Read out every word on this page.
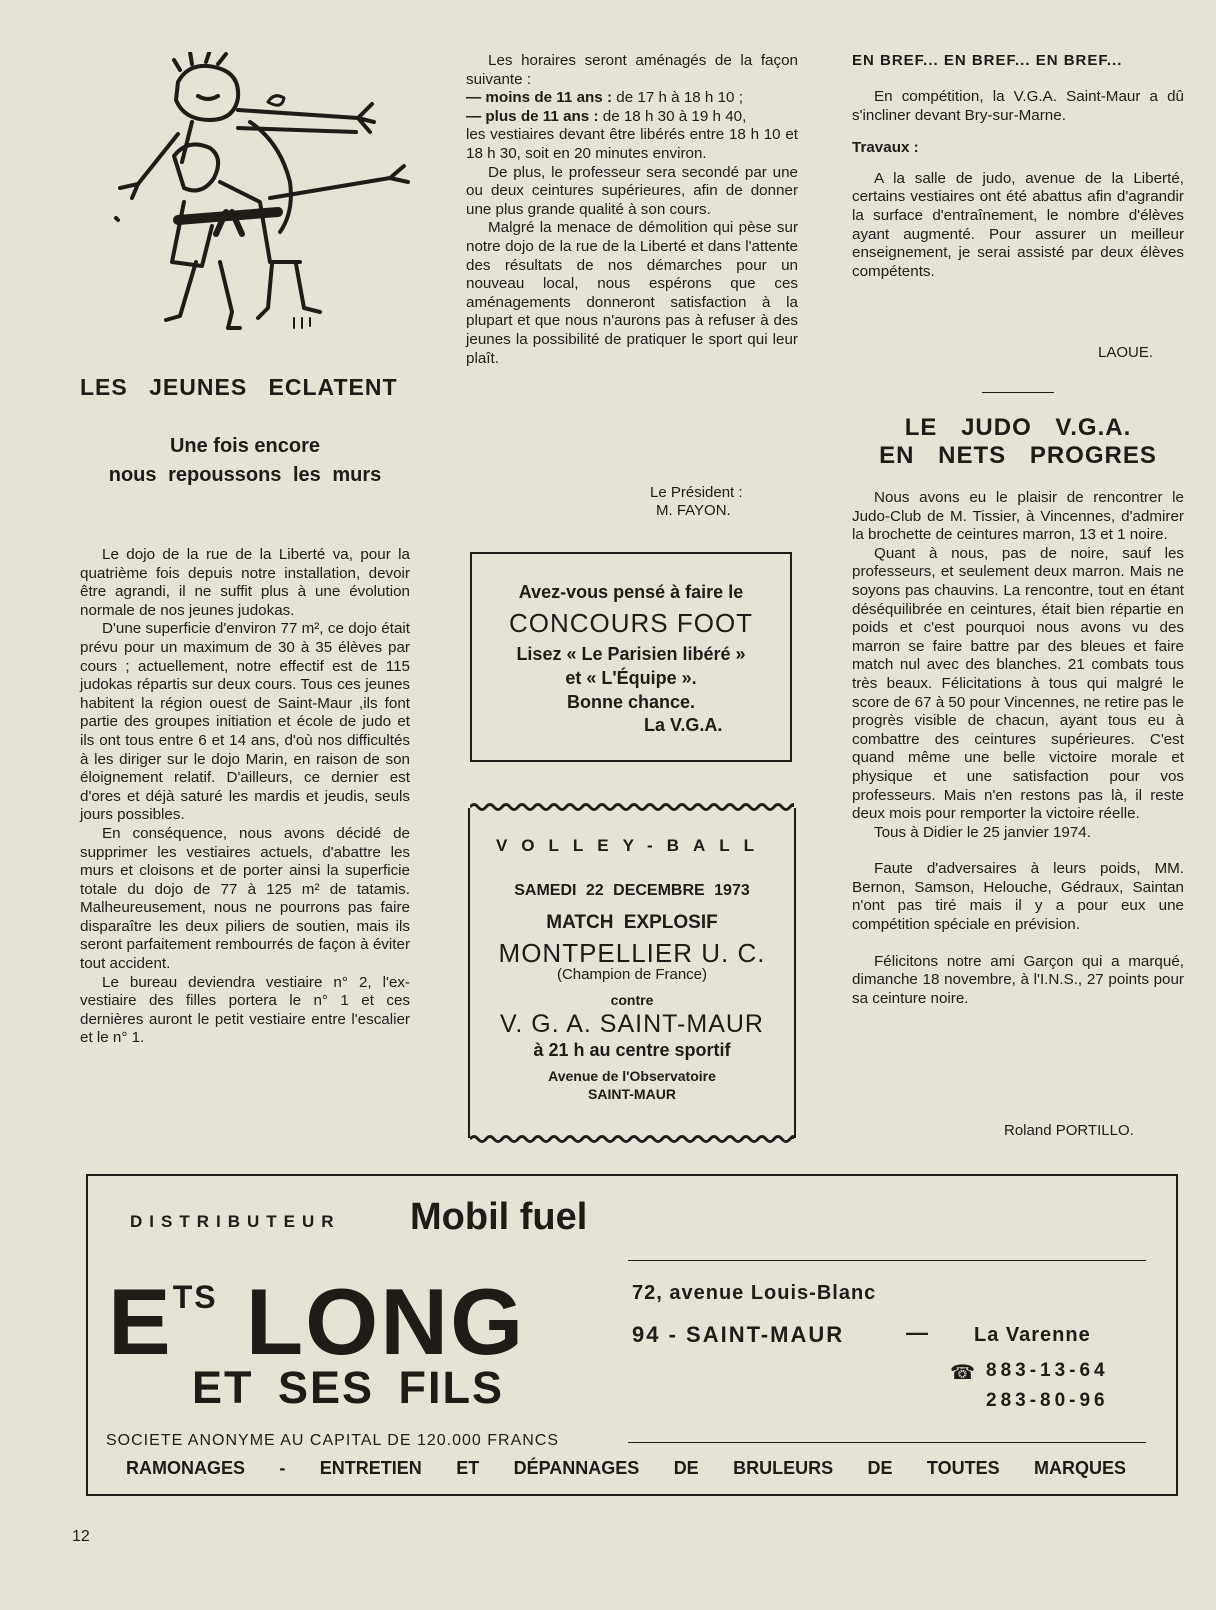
LES JEUNES ECLATENT
Une fois encore
nous repoussons les murs

Le dojo de la rue de la Liberté va, pour la quatrième fois depuis notre installation, devoir être agrandi, il ne suffit plus à une évolution normale de nos jeunes judokas.

D'une superficie d'environ 77 m², ce dojo était prévu pour un maximum de 30 à 35 élèves par cours ; actuellement, notre effectif est de 115 judokas répartis sur deux cours. Tous ces jeunes habitent la région ouest de Saint-Maur ,ils font partie des groupes initiation et école de judo et ils ont tous entre 6 et 14 ans, d'où nos difficultés à les diriger sur le dojo Marin, en raison de son éloignement relatif. D'ailleurs, ce dernier est d'ores et déjà saturé les mardis et jeudis, seuls jours possibles.

En conséquence, nous avons décidé de supprimer les vestiaires actuels, d'abattre les murs et cloisons et de porter ainsi la superficie totale du dojo de 77 à 125 m² de tatamis. Malheureusement, nous ne pourrons pas faire disparaître les deux piliers de soutien, mais ils seront parfaitement rembourrés de façon à éviter tout accident.

Le bureau deviendra vestiaire n° 2, l'ex-vestiaire des filles portera le n° 1 et ces dernières auront le petit vestiaire entre l'escalier et le n° 1.

Les horaires seront aménagés de la façon suivante :

— moins de 11 ans : de 17 h à 18 h 10 ;

— plus de 11 ans : de 18 h 30 à 19 h 40,

les vestiaires devant être libérés entre 18 h 10 et 18 h 30, soit en 20 minutes environ.

De plus, le professeur sera secondé par une ou deux ceintures supérieures, afin de donner une plus grande qualité à son cours.

Malgré la menace de démolition qui pèse sur notre dojo de la rue de la Liberté et dans l'attente des résultats de nos démarches pour un nouveau local, nous espérons que ces aménagements donneront satisfaction à la plupart et que nous n'aurons pas à refuser à des jeunes la possibilité de pratiquer le sport qui leur plaît.

Le Président :
M. FAYON.
Avez-vous pensé à faire le
CONCOURS FOOT
Lisez « Le Parisien libéré »
et « L'Équipe ».
Bonne chance.
La V.G.A.
VOLLEY-BALL
SAMEDI 22 DECEMBRE 1973
MATCH EXPLOSIF
MONTPELLIER U. C.
(Champion de France)
contre
V. G. A. SAINT-MAUR
à 21 h au centre sportif
Avenue de l'Observatoire
SAINT-MAUR
EN BREF... EN BREF... EN BREF...

En compétition, la V.G.A. Saint-Maur a dû s'incliner devant Bry-sur-Marne.

Travaux :

A la salle de judo, avenue de la Liberté, certains vestiaires ont été abattus afin d'agrandir la surface d'entraînement, le nombre d'élèves ayant augmenté. Pour assurer un meilleur enseignement, je serai assisté par deux élèves compétents.

LAOUE.
LE JUDO V.G.A.
EN NETS PROGRES

Nous avons eu le plaisir de rencontrer le Judo-Club de M. Tissier, à Vincennes, d'admirer la brochette de ceintures marron, 13 et 1 noire.

Quant à nous, pas de noire, sauf les professeurs, et seulement deux marron. Mais ne soyons pas chauvins. La rencontre, tout en étant déséquilibrée en ceintures, était bien répartie en poids et c'est pourquoi nous avons vu des marron se faire battre par des bleues et faire match nul avec des blanches. 21 combats tous très beaux. Félicitations à tous qui malgré le score de 67 à 50 pour Vincennes, ne retire pas le progrès visible de chacun, ayant tous eu à combattre des ceintures supérieures. C'est quand même une belle victoire morale et physique et une satisfaction pour vos professeurs. Mais n'en restons pas là, il reste deux mois pour remporter la victoire réelle.

Tous à Didier le 25 janvier 1974.

Faute d'adversaires à leurs poids, MM. Bernon, Samson, Helouche, Gédraux, Saintan n'ont pas tiré mais il y a pour eux une compétition spéciale en prévision.

Félicitons notre ami Garçon qui a marqué, dimanche 18 novembre, à l'I.N.S., 27 points pour sa ceinture noire.

Roland PORTILLO.
DISTRIBUTEUR Mobil fuel
$E^{TS}$ LONG
ET SES FILS
SOCIETE ANONYME AU CAPITAL DE 120.000 FRANCS
72, avenue Louis-Blanc
94 - SAINT-MAUR	— La Varenne
☎ 883-13-64
283-80-96
RAMONAGES - ENTRETIEN ET DÉPANNAGES DE BRULEURS DE TOUTES MARQUES
12
